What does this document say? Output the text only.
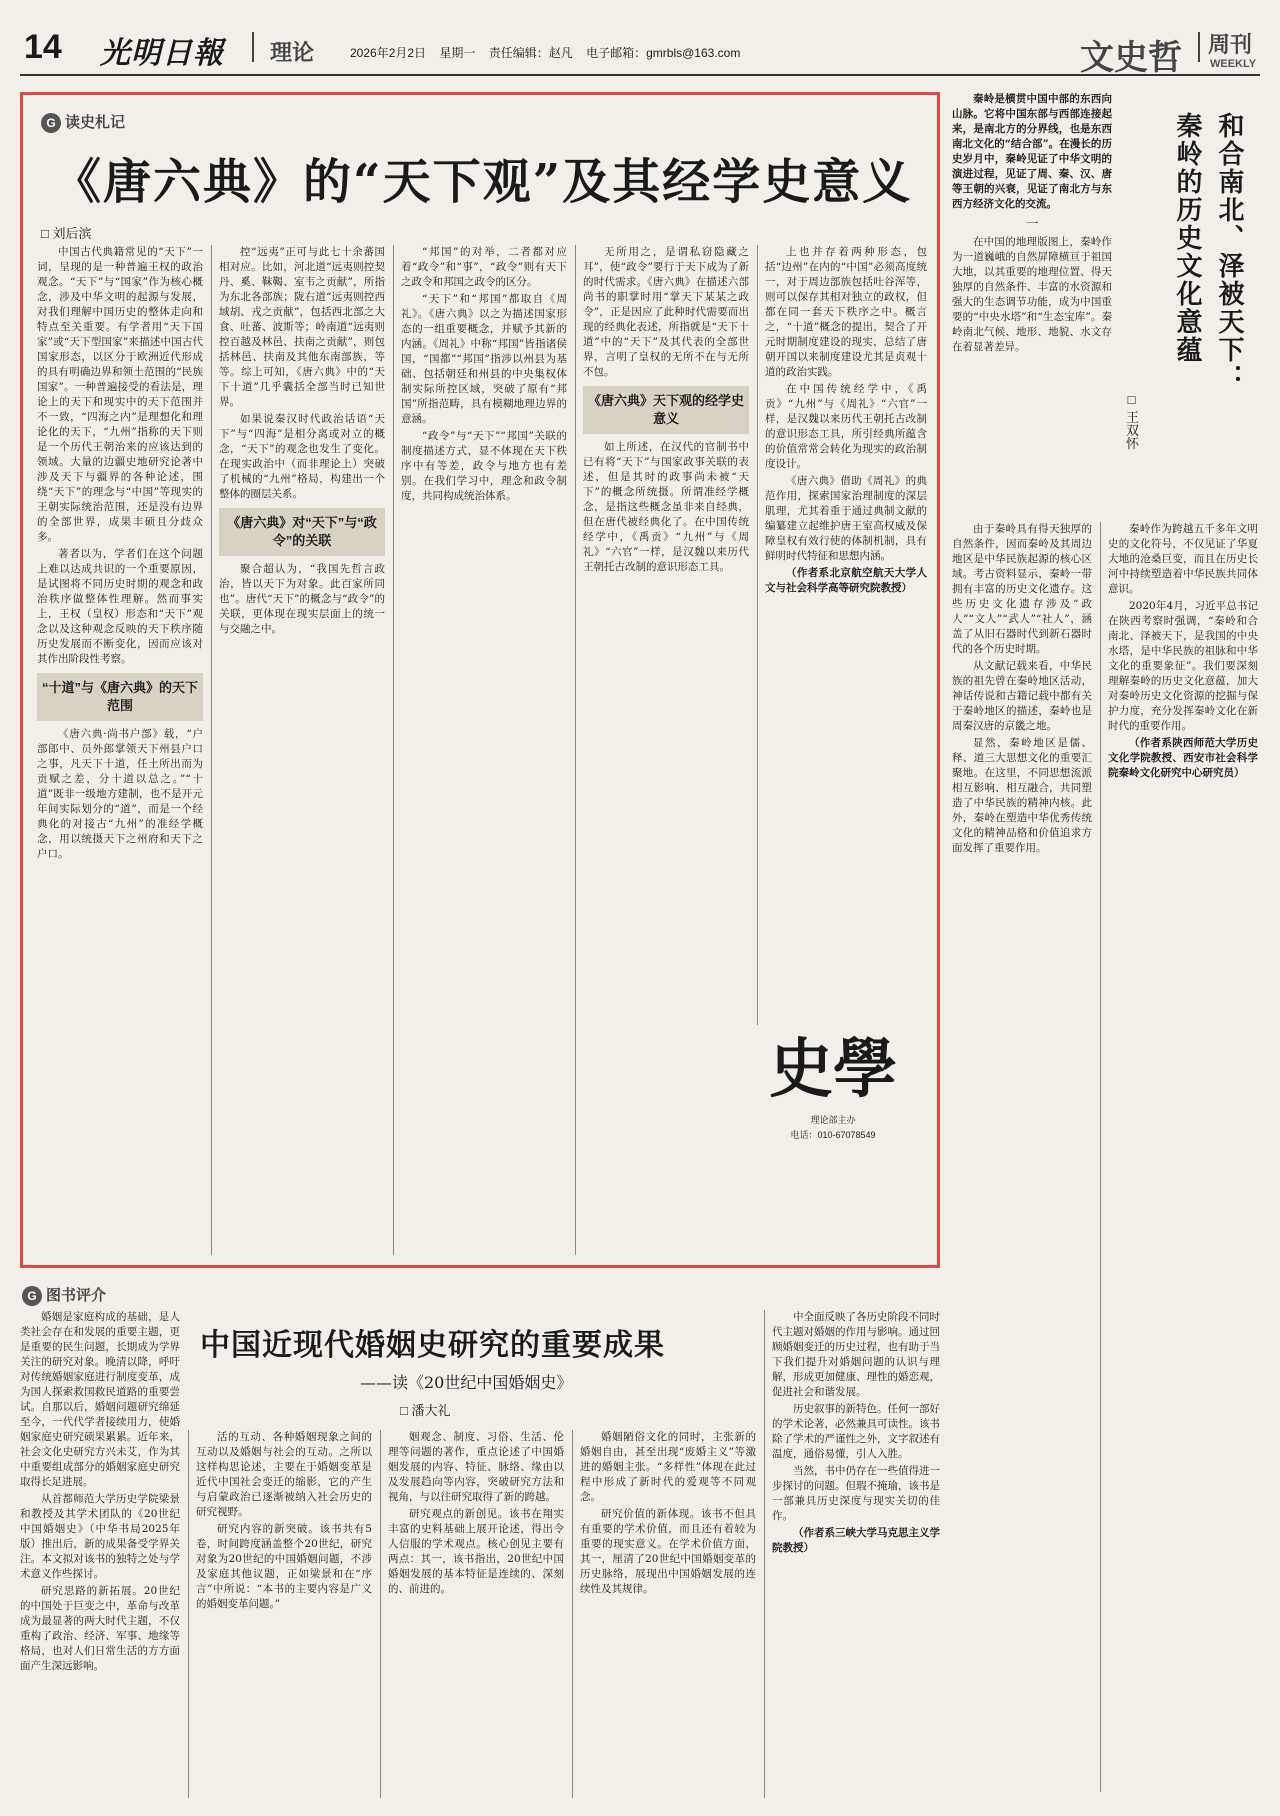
14 光明日報 理论	2026年2月2日 星期一 责任编辑：赵凡 电子邮箱：gmrbls@163.com	文史哲 周刊
WEEKLY
G 读史札记
《唐六典》的“天下观”及其经学史意义
□ 刘后滨

中国古代典籍常见的“天下”一词，呈现的是一种普遍王权的政治观念。“天下”与“国家”作为核心概念，涉及中华文明的起源与发展，对我们理解中国历史的整体走向和特点至关重要。有学者用“天下国家”或“天下型国家”来描述中国古代国家形态，以区分于欧洲近代形成的具有明确边界和领土范围的“民族国家”。一种普遍接受的看法是，理论上的天下和现实中的天下范围并不一致，“四海之内”是理想化和理论化的天下，“九州”指称的天下则是一个历代王朝治来的应该达到的领域。大量的边疆史地研究论著中涉及天下与疆界的各种论述，围绕“天下”的理念与“中国”等现实的王朝实际统治范围，还是没有边界的全部世界，成果丰硕且分歧众多。

著者以为，学者们在这个问题上难以达成共识的一个重要原因，是试图将不同历史时期的观念和政治秩序做整体性理解。然而事实上，王权（皇权）形态和“天下”观念以及这种观念反映的天下秩序随历史发展而不断变化，因而应该对其作出阶段性考察。

“十道”与《唐六典》的天下范围

《唐六典·尚书户部》载，“户部郎中、员外郎掌领天下州县户口之事，凡天下十道，任土所出而为贡赋之差，分十道以总之。”“十道”既非一级地方建制，也不是开元年间实际划分的“道”，而是一个经典化的对接古“九州”的准经学概念，用以统摄天下之州府和天下之户口。

控“远夷”正可与此七十余蕃国相对应。比如，河北道“远夷则控契丹、奚、靺鞨、室韦之贡献”，所指为东北各部族；陇右道“远夷则控西域胡、戎之贡献”，包括西北部之大食、吐蕃、波斯等；岭南道“远夷则控百越及林邑、扶南之贡献”，则包括林邑、扶南及其他东南部族，等等。综上可知，《唐六典》中的“天下十道”几乎囊括全部当时已知世界。

如果说秦汉时代政治话语“天下”与“四海”是相分离或对立的概念，“天下”的观念也发生了变化。在现实政治中（而非理论上）突破了机械的“九州”格局，构建出一个整体的圈层关系。

《唐六典》对“天下”与“政令”的关联

聚合超认为，“我国先哲言政治，皆以天下为对象。此百家所同也”。唐代“天下”的概念与“政令”的关联，更体现在现实层面上的统一与交融之中。

“邦国”的对举，二者都对应着“政令”和“事”，“政令”则有天下之政令和邦国之政令的区分。

“天下”和“邦国”都取自《周礼》。《唐六典》以之为描述国家形态的一组重要概念，并赋予其新的内涵。《周礼》中称“邦国”皆指诸侯国，“国都”“邦国”指涉以州县为基础、包括朝廷和州县的中央集权体制实际所控区域，突破了原有“邦国”所指范畴，具有模糊地理边界的意涵。

“政令”与“天下”“邦国”关联的制度描述方式，显不体现在天下秩序中有等差，政令与地方也有差别。在我们学习中，理念和政令制度，共同构成统治体系。

无所用之，是谓私窃隐藏之耳”，使“政令”要行于天下成为了新的时代需求。《唐六典》在描述六部尚书的职掌时用“掌天下某某之政令”，正是因应了此种时代需要而出现的经典化表述，所指就是“天下十道”中的“天下”及其代表的全部世界，言明了皇权的无所不在与无所不包。

《唐六典》天下观的经学史意义

如上所述，在汉代的官制书中已有将“天下”与国家政事关联的表述，但是其时的政事尚未被“天下”的概念所统摄。所谓准经学概念，是指这些概念虽非来自经典，但在唐代被经典化了。在中国传统经学中，《禹贡》“九州”与《周礼》“六官”一样，是汉魏以来历代王朝托古改制的意识形态工具。

上也并存着两种形态，包括“边州”在内的“中国”必须高度统一，对于周边部族包括吐谷浑等，则可以保存其相对独立的政权，但都在同一套天下秩序之中。概言之，“十道”概念的提出，契合了开元时期制度建设的现实，总结了唐朝开国以来制度建设尤其是贞观十道的政治实践。

在中国传统经学中，《禹贡》“九州”与《周礼》“六官”一样，是汉魏以来历代王朝托古改制的意识形态工具，所引经典所蕴含的价值常常会转化为现实的政治制度设计。

《唐六典》借助《周礼》的典范作用，探索国家治理制度的深层肌理，尤其着重于通过典制文献的编纂建立起维护唐王室高权威及保障皇权有效行使的体制机制，具有鲜明时代特征和思想内涵。

（作者系北京航空航天大学人文与社会科学高等研究院教授）

史學
理论部主办
电话：010-67078549
和合南北、泽被天下：
秦岭的历史文化意蕴
□ 王双怀

秦岭是横贯中国中部的东西向山脉。它将中国东部与西部连接起来，是南北方的分界线，也是东西南北文化的“结合部”。在漫长的历史岁月中，秦岭见证了中华文明的演进过程，见证了周、秦、汉、唐等王朝的兴衰，见证了南北方与东西方经济文化的交流。

一

在中国的地理版图上，秦岭作为一道巍峨的自然屏障横亘于祖国大地，以其重要的地理位置、得天独厚的自然条件、丰富的水资源和强大的生态调节功能，成为中国重要的“中央水塔”和“生态宝库”。秦岭南北气候、地形、地貌、水文存在着显著差异。

由于秦岭具有得天独厚的自然条件，因而秦岭及其周边地区是中华民族起源的核心区域。考古资料显示，秦岭一带拥有丰富的历史文化遗存。这些历史文化遗存涉及“政人”“文人”“武人”“社人”，涵盖了从旧石器时代到新石器时代的各个历史时期。

从文献记载来看，中华民族的祖先曾在秦岭地区活动，神话传说和古籍记载中都有关于秦岭地区的描述，秦岭也是周秦汉唐的京畿之地。

显然，秦岭地区是儒、释、道三大思想文化的重要汇聚地。在这里，不同思想流派相互影响、相互融合，共同塑造了中华民族的精神内核。此外，秦岭在塑造中华优秀传统文化的精神品格和价值追求方面发挥了重要作用。

秦岭作为跨越五千多年文明史的文化符号，不仅见证了华夏大地的沧桑巨变，而且在历史长河中持续塑造着中华民族共同体意识。

2020年4月，习近平总书记在陕西考察时强调，“秦岭和合南北、泽被天下，是我国的中央水塔，是中华民族的祖脉和中华文化的重要象征”。我们要深刻理解秦岭的历史文化意蕴，加大对秦岭历史文化资源的挖掘与保护力度，充分发挥秦岭文化在新时代的重要作用。

（作者系陕西师范大学历史文化学院教授、西安市社会科学院秦岭文化研究中心研究员）

G 图书评介
中国近现代婚姻史研究的重要成果
——读《20世纪中国婚姻史》
□ 潘大礼

婚姻是家庭构成的基础，是人类社会存在和发展的重要主题，更是重要的民生问题，长期成为学界关注的研究对象。晚清以降，呼吁对传统婚姻家庭进行制度变革，成为国人探索救国救民道路的重要尝试。自那以后，婚姻问题研究绵延至今，一代代学者接续用力，使婚姻家庭史研究硕果累累。近年来，社会文化史研究方兴未艾，作为其中重要组成部分的婚姻家庭史研究取得长足进展。

从首都师范大学历史学院梁景和教授及其学术团队的《20世纪中国婚姻史》（中华书局2025年版）推出后，新的成果备受学界关注。本文拟对该书的独特之处与学术意义作些探讨。

研究思路的新拓展。20世纪的中国处于巨变之中，革命与改革成为最显著的两大时代主题，不仅重构了政治、经济、军事、地缘等格局，也对人们日常生活的方方面面产生深远影响。

活的互动、各种婚姻现象之间的互动以及婚姻与社会的互动。之所以这样构思论述，主要在于婚姻变革是近代中国社会变迁的缩影，它的产生与启蒙政治已逐渐被纳入社会历史的研究视野。

研究内容的新突破。该书共有5卷，时间跨度涵盖整个20世纪，研究对象为20世纪的中国婚姻问题，不涉及家庭其他议题，正如梁景和在“序言”中所说：“本书的主要内容是广义的婚姻变革问题。”

姻观念、制度、习俗、生活、伦理等问题的著作，重点论述了中国婚姻发展的内容、特征、脉络、缘由以及发展趋向等内容，突破研究方法和视角，与以往研究取得了新的跨越。

研究观点的新创见。该书在翔实丰富的史料基础上展开论述，得出令人信服的学术观点。核心创见主要有两点：其一，该书指出，20世纪中国婚姻发展的基本特征是连续的、深刻的、前进的。

婚姻陋俗文化的同时，主张新的婚姻自由，甚至出现“废婚主义”等激进的婚姻主张。“多样性”体现在此过程中形成了新时代的爱观等不同观念。

研究价值的新体现。该书不但具有重要的学术价值，而且还有着较为重要的现实意义。在学术价值方面，其一，厘清了20世纪中国婚姻变革的历史脉络，展现出中国婚姻发展的连续性及其规律。

中全面反映了各历史阶段不同时代主题对婚姻的作用与影响。通过回顾婚姻变迁的历史过程，也有助于当下我们提升对婚姻问题的认识与理解，形成更加健康、理性的婚恋观，促进社会和谐发展。

历史叙事的新特色。任何一部好的学术论著，必然兼具可读性。该书除了学术的严谨性之外，文字叙述有温度，通俗易懂，引人入胜。

当然，书中仍存在一些值得进一步探讨的问题。但瑕不掩瑜，该书是一部兼具历史深度与现实关切的佳作。

（作者系三峡大学马克思主义学院教授）
